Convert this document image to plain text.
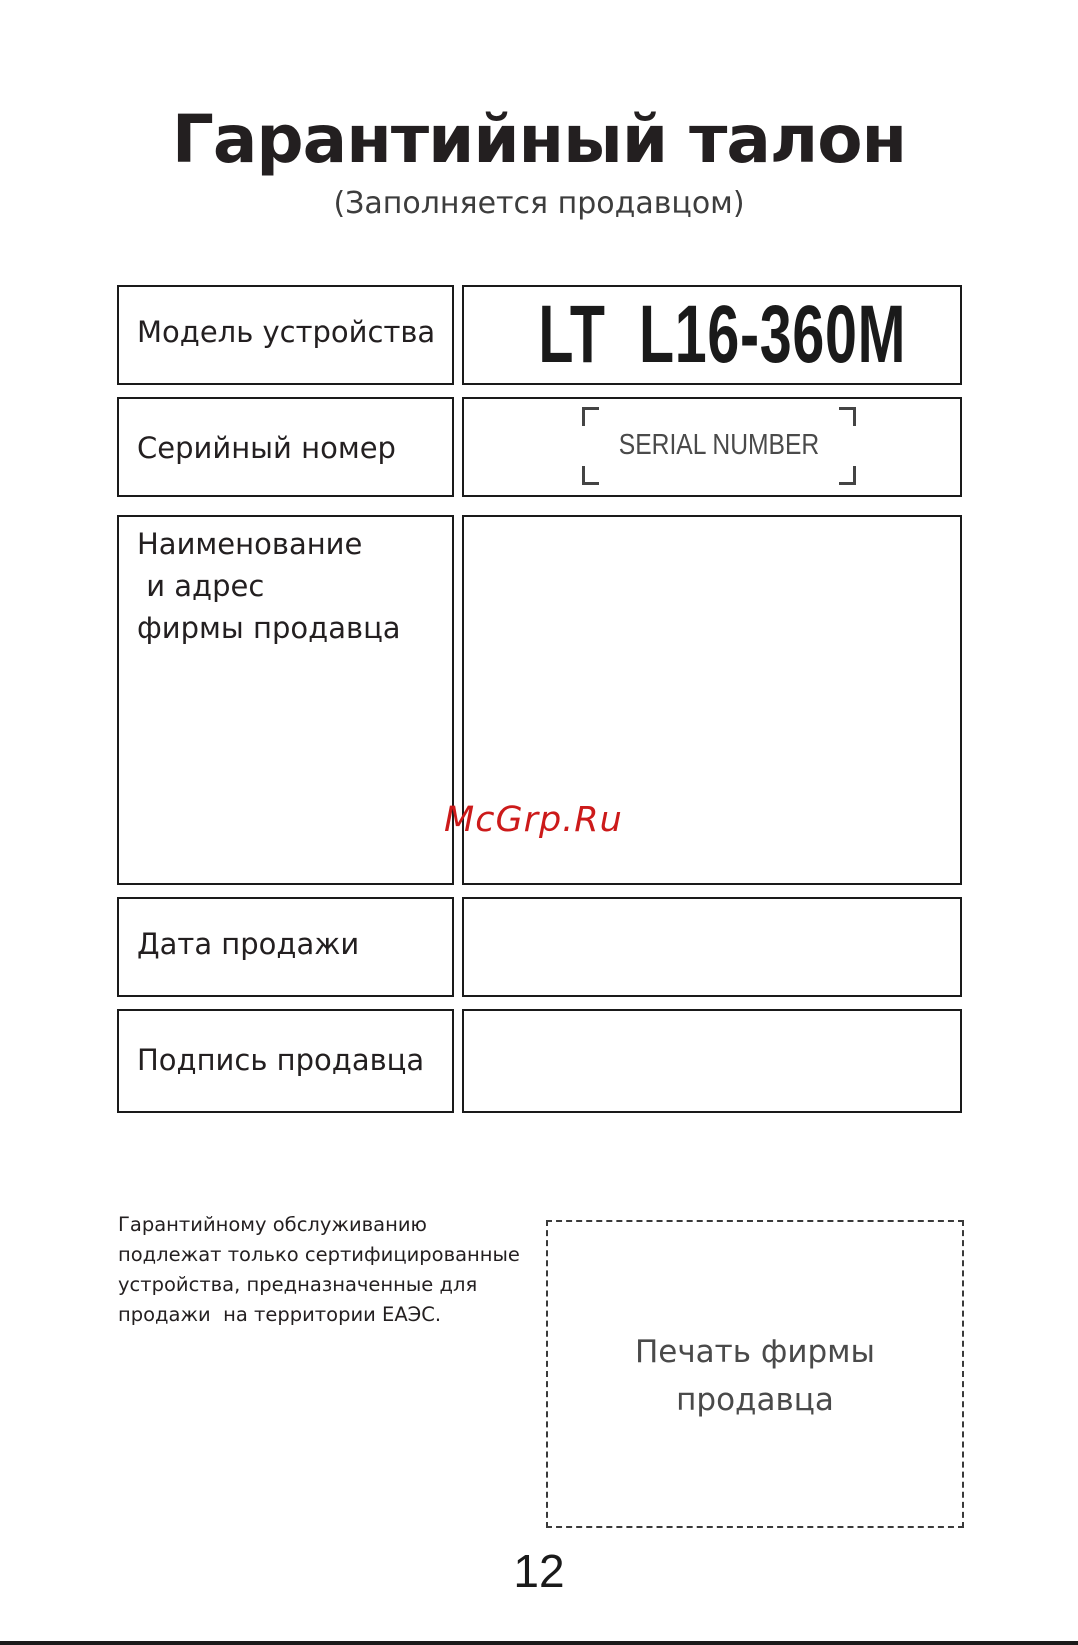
Гарантийный талон
(Заполняется продавцом)
Модель устройства LT  L16-360M
Серийный номер	SERIAL NUMBER
Наименование
и адрес
фирмы продавца
Дата продажи
Подпись продавца
McGrp.Ru
Гарантийному обслуживанию
подлежат только сертифицированные
устройства, предназначенные для
продажи  на территории ЕАЭС.
Печать фирмы
продавца
12
